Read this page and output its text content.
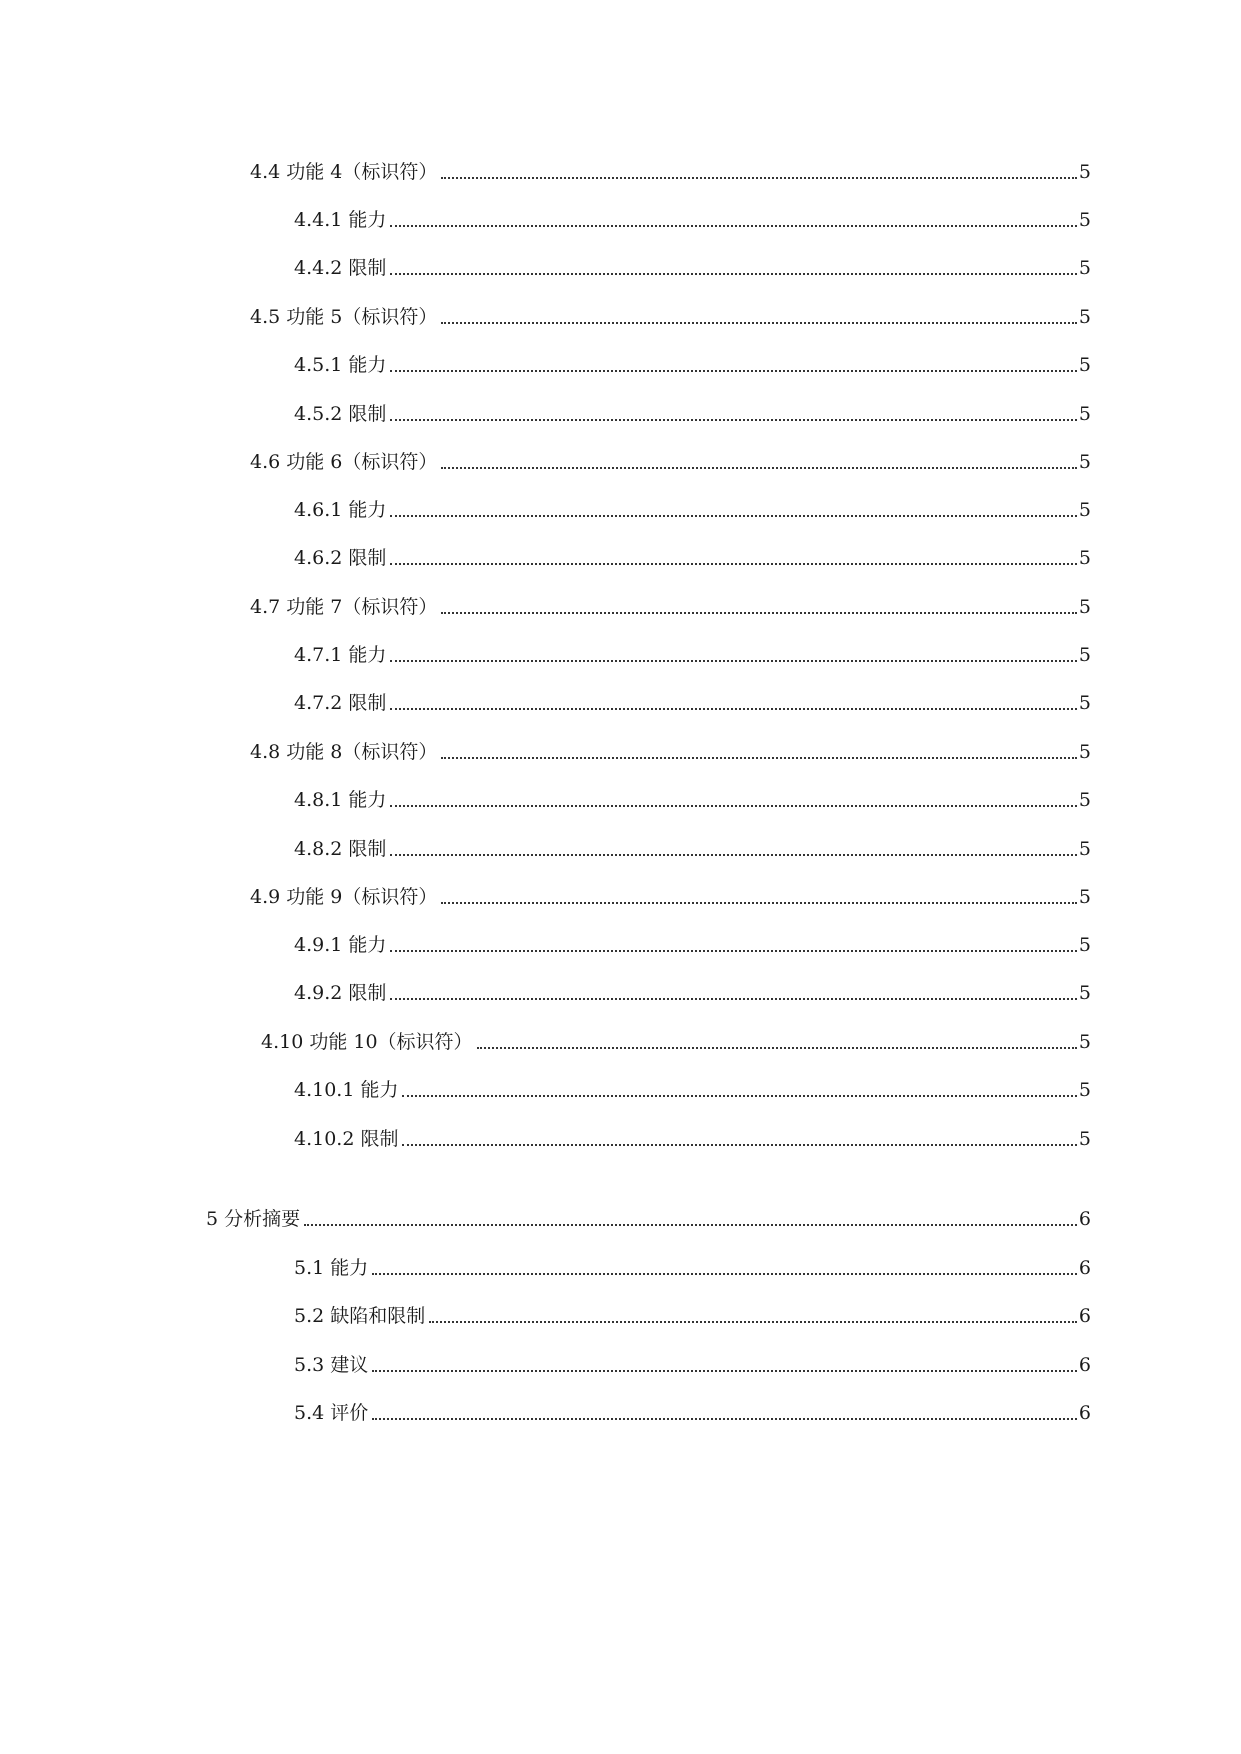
4.4 功能 4（标识符）	5
4.4.1 能力	5
4.4.2 限制	5
4.5 功能 5（标识符）	5
4.5.1 能力	5
4.5.2 限制	5
4.6 功能 6（标识符）	5
4.6.1 能力	5
4.6.2 限制	5
4.7 功能 7（标识符）	5
4.7.1 能力	5
4.7.2 限制	5
4.8 功能 8（标识符）	5
4.8.1 能力	5
4.8.2 限制	5
4.9 功能 9（标识符）	5
4.9.1 能力	5
4.9.2 限制	5
4.10 功能 10（标识符）	5
4.10.1 能力	5
4.10.2 限制	5
5 分析摘要	6
5.1 能力	6
5.2 缺陷和限制	6
5.3 建议	6
5.4 评价	6
